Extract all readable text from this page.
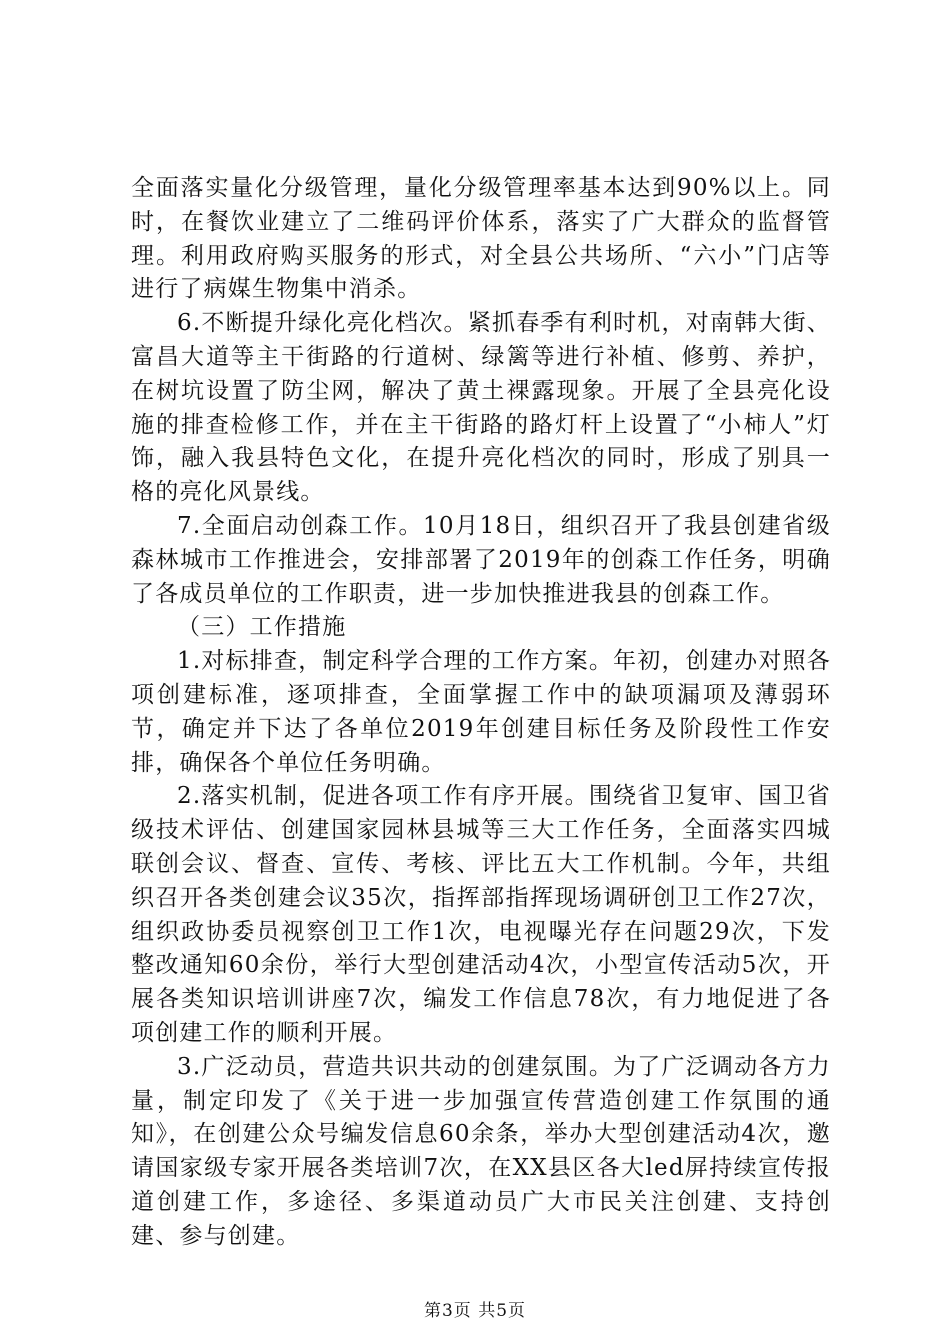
全面落实量化分级管理，量化分级管理率基本达到90%以上。同时，在餐饮业建立了二维码评价体系，落实了广大群众的监督管理。利用政府购买服务的形式，对全县公共场所、“六小”门店等进行了病媒生物集中消杀。

6.不断提升绿化亮化档次。紧抓春季有利时机，对南韩大街、富昌大道等主干街路的行道树、绿篱等进行补植、修剪、养护，在树坑设置了防尘网，解决了黄土裸露现象。开展了全县亮化设施的排查检修工作，并在主干街路的路灯杆上设置了“小柿人”灯饰，融入我县特色文化，在提升亮化档次的同时，形成了别具一格的亮化风景线。

7.全面启动创森工作。10月18日，组织召开了我县创建省级森林城市工作推进会，安排部署了2019年的创森工作任务，明确了各成员单位的工作职责，进一步加快推进我县的创森工作。

（三）工作措施

1.对标排查，制定科学合理的工作方案。年初，创建办对照各项创建标准，逐项排查，全面掌握工作中的缺项漏项及薄弱环节，确定并下达了各单位2019年创建目标任务及阶段性工作安排，确保各个单位任务明确。

2.落实机制，促进各项工作有序开展。围绕省卫复审、国卫省级技术评估、创建国家园林县城等三大工作任务，全面落实四城联创会议、督查、宣传、考核、评比五大工作机制。今年，共组织召开各类创建会议35次，指挥部指挥现场调研创卫工作27次，组织政协委员视察创卫工作1次，电视曝光存在问题29次，下发整改通知60余份，举行大型创建活动4次，小型宣传活动5次，开展各类知识培训讲座7次，编发工作信息78次，有力地促进了各项创建工作的顺利开展。

3.广泛动员，营造共识共动的创建氛围。为了广泛调动各方力量，制定印发了《关于进一步加强宣传营造创建工作氛围的通知》，在创建公众号编发信息60余条，举办大型创建活动4次，邀请国家级专家开展各类培训7次，在XX县区各大led屏持续宣传报道创建工作，多途径、多渠道动员广大市民关注创建、支持创建、参与创建。

第3页 共5页
